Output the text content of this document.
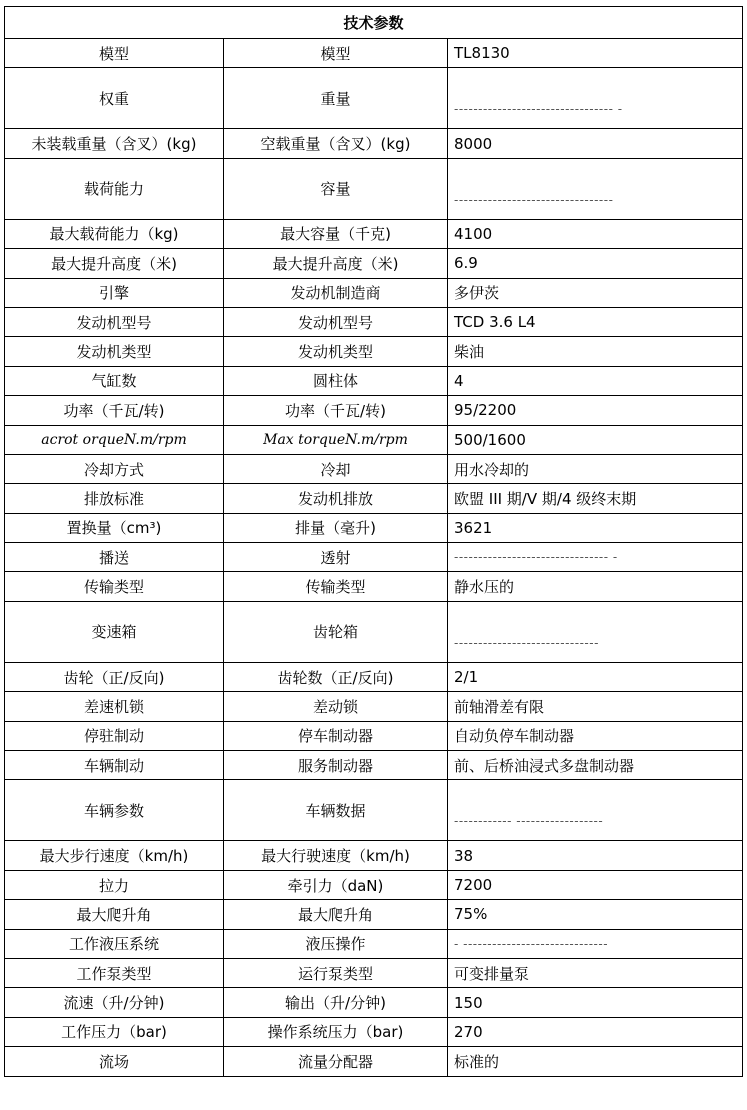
技术参数		
模型	模型	TL8130
权重	重量	--------------------------------- -

未装载重量（含叉）(kg)	空载重量（含叉）(kg)	8000
载荷能力	容量	---------------------------------

最大载荷能力（kg)	最大容量（千克)	4100
最大提升高度（米)	最大提升高度（米)	6.9
引擎	发动机制造商	多伊茨
发动机型号	发动机型号	TCD 3.6 L4
发动机类型	发动机类型	柴油
气缸数	圆柱体	4
功率（千瓦/转)	功率（千瓦/转)	95/2200
acrot orqueN.m/rpm	Max torqueN.m/rpm	500/1600
冷却方式	冷却	用水冷却的
排放标准	发动机排放	欧盟 III 期/V 期/4 级终末期
置换量（cm³)	排量（毫升)	3621
播送	透射	-------------------------------- -

传输类型	传输类型	静水压的
变速箱	齿轮箱	------------------------------

齿轮（正/反向)	齿轮数（正/反向)	2/1
差速机锁	差动锁	前轴滑差有限
停驻制动	停车制动器	自动负停车制动器
车辆制动	服务制动器	前、后桥油浸式多盘制动器
车辆参数	车辆数据	------------ ------------------

最大步行速度（km/h)	最大行驶速度（km/h)	38
拉力	牵引力（daN)	7200
最大爬升角	最大爬升角	75%
工作液压系统	液压操作	- ------------------------------

工作泵类型	运行泵类型	可变排量泵
流速（升/分钟)	输出（升/分钟)	150
工作压力（bar)	操作系统压力（bar)	270
流场	流量分配器	标准的
